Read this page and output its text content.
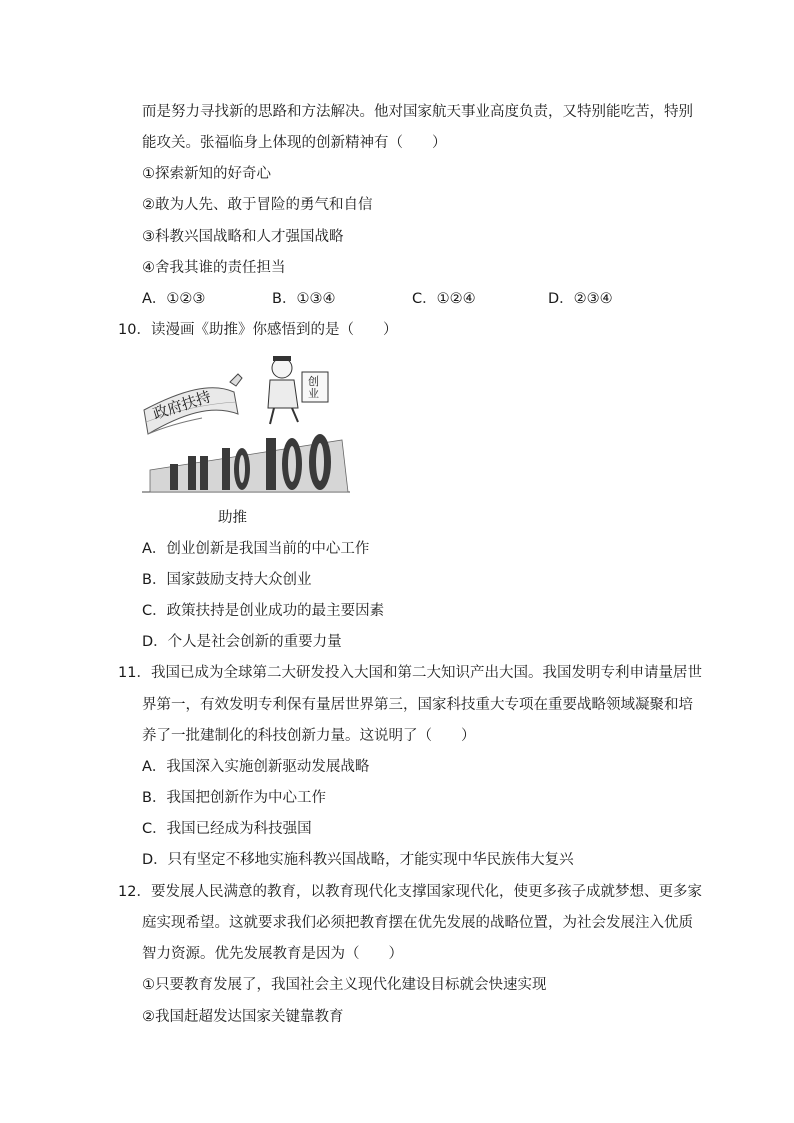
而是努力寻找新的思路和方法解决。他对国家航天事业高度负责，又特别能吃苦，特别
能攻关。张福临身上体现的创新精神有（　　）
①探索新知的好奇心
②敢为人先、敢于冒险的勇气和自信
③科教兴国战略和人才强国战略
④舍我其谁的责任担当
A．①②③	B．①③④	C．①②④	D．②③④
10．读漫画《助推》你感悟到的是（　　）
政府扶持
创业
助推
A．创业创新是我国当前的中心工作
B．国家鼓励支持大众创业
C．政策扶持是创业成功的最主要因素
D．个人是社会创新的重要力量
11．我国已成为全球第二大研发投入大国和第二大知识产出大国。我国发明专利申请量居世
界第一，有效发明专利保有量居世界第三，国家科技重大专项在重要战略领域凝聚和培
养了一批建制化的科技创新力量。这说明了（　　）
A．我国深入实施创新驱动发展战略
B．我国把创新作为中心工作
C．我国已经成为科技强国
D．只有坚定不移地实施科教兴国战略，才能实现中华民族伟大复兴
12．要发展人民满意的教育，以教育现代化支撑国家现代化，使更多孩子成就梦想、更多家
庭实现希望。这就要求我们必须把教育摆在优先发展的战略位置，为社会发展注入优质
智力资源。优先发展教育是因为（　　）
①只要教育发展了，我国社会主义现代化建设目标就会快速实现
②我国赶超发达国家关键靠教育
